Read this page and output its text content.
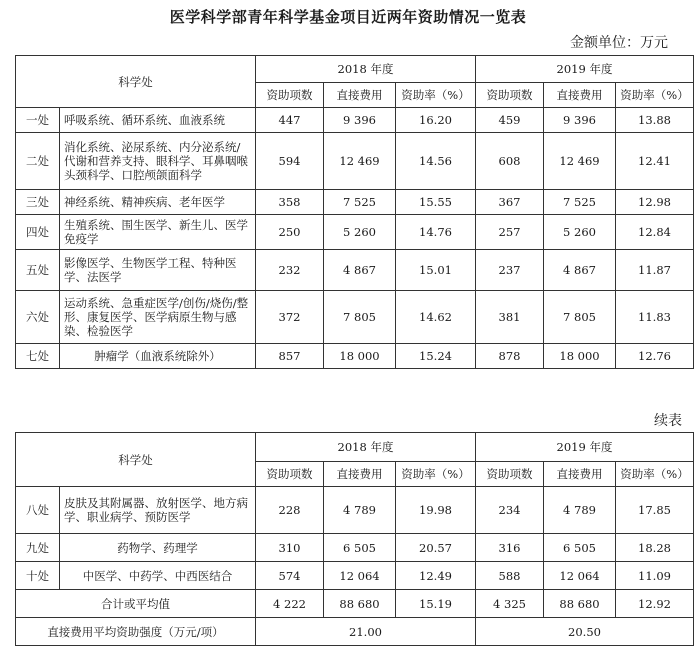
医学科学部青年科学基金项目近两年资助情况一览表
金额单位：万元
科学处		2018 年度			2019 年度		
		资助项数	直接费用	资助率（%）	资助项数	直接费用	资助率（%）
一处	呼吸系统、循环系统、血液系统	447	9 396	16.20	459	9 396	13.88
二处	消化系统、泌尿系统、内分泌系统/代谢和营养支持、眼科学、耳鼻咽喉头颈科学、口腔颅颌面科学	594	12 469	14.56	608	12 469	12.41
三处	神经系统、精神疾病、老年医学	358	7 525	15.55	367	7 525	12.98
四处	生殖系统、围生医学、新生儿、医学免疫学	250	5 260	14.76	257	5 260	12.84
五处	影像医学、生物医学工程、特种医学、法医学	232	4 867	15.01	237	4 867	11.87
六处	运动系统、急重症医学/创伤/烧伤/整形、康复医学、医学病原生物与感染、检验医学	372	7 805	14.62	381	7 805	11.83
七处	肿瘤学（血液系统除外）	857	18 000	15.24	878	18 000	12.76
续表
科学处		2018 年度			2019 年度		
		资助项数	直接费用	资助率（%）	资助项数	直接费用	资助率（%）
八处	皮肤及其附属器、放射医学、地方病学、职业病学、预防医学	228	4 789	19.98	234	4 789	17.85
九处	药物学、药理学	310	6 505	20.57	316	6 505	18.28
十处	中医学、中药学、中西医结合	574	12 064	12.49	588	12 064	11.09
合计或平均值		4 222	88 680	15.19	4 325	88 680	12.92
直接费用平均资助强度（万元/项）		21.00			20.50		
